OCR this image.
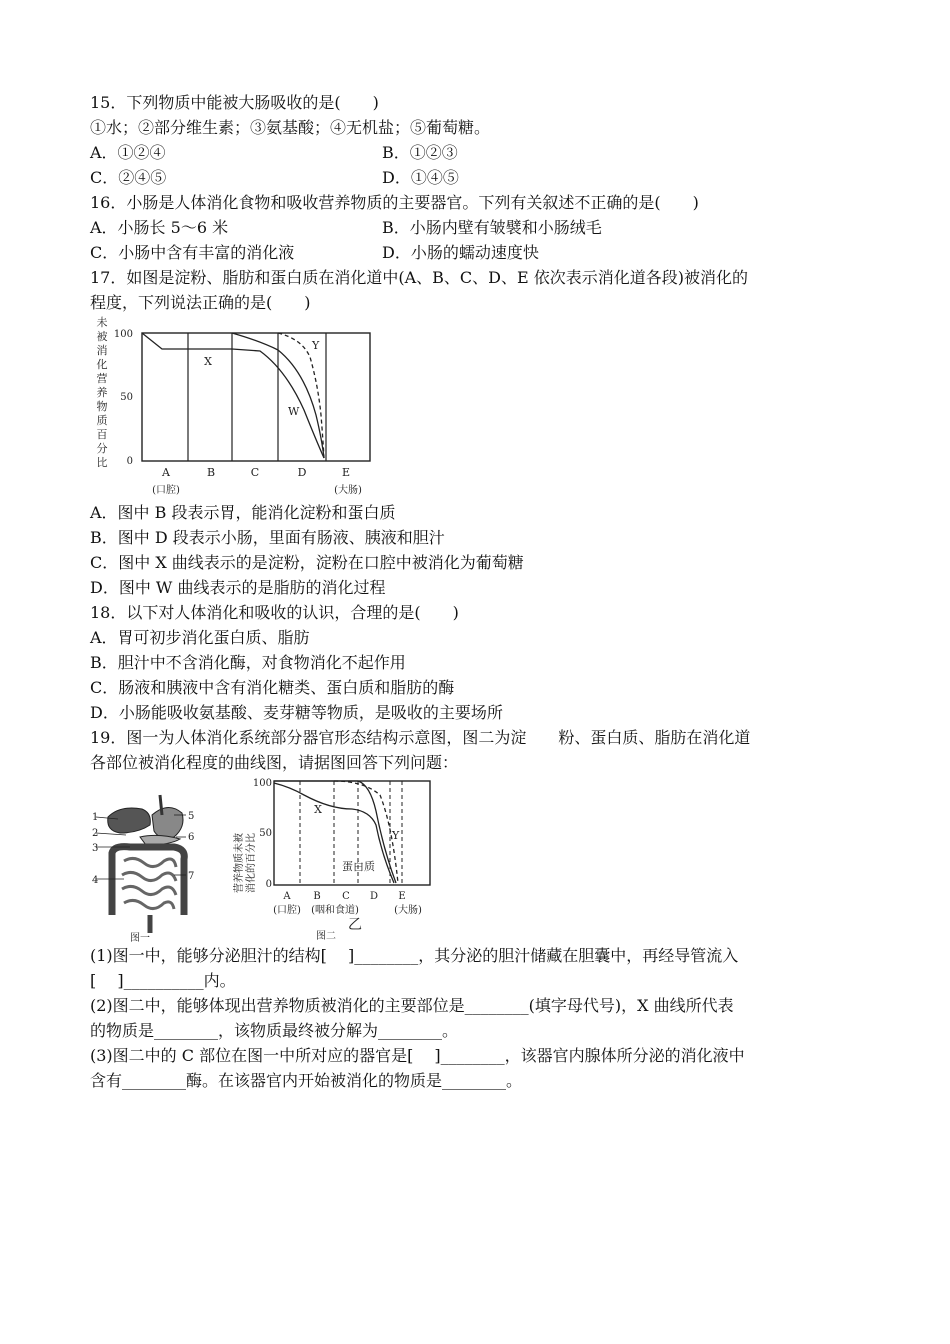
15．下列物质中能被大肠吸收的是(　　)
①水；②部分维生素；③氨基酸；④无机盐；⑤葡萄糖。
A．①②④	B．①②③
C．②④⑤	D．①④⑤
16．小肠是人体消化食物和吸收营养物质的主要器官。下列有关叙述不正确的是(　　)
A．小肠长 5～6 米	B．小肠内壁有皱襞和小肠绒毛
C．小肠中含有丰富的消化液	D．小肠的蠕动速度快
17．如图是淀粉、脂肪和蛋白质在消化道中(A、B、C、D、E 依次表示消化道各段)被消化的
程度，下列说法正确的是(　　)
未
被
消
化
营
养
物
质
百
分
比
100
50
0
X
Y
W
A	B	C	D	E
(口腔)	(大肠)
A．图中 B 段表示胃，能消化淀粉和蛋白质
B．图中 D 段表示小肠，里面有肠液、胰液和胆汁
C．图中 X 曲线表示的是淀粉，淀粉在口腔中被消化为葡萄糖
D．图中 W 曲线表示的是脂肪的消化过程
18．以下对人体消化和吸收的认识，合理的是(　　)
A．胃可初步消化蛋白质、脂肪
B．胆汁中不含消化酶，对食物消化不起作用
C．肠液和胰液中含有消化糖类、蛋白质和脂肪的酶
D．小肠能吸收氨基酸、麦芽糖等物质，是吸收的主要场所
19．图一为人体消化系统部分器官形态结构示意图，图二为淀　　粉、蛋白质、脂肪在消化道
各部位被消化程度的曲线图，请据图回答下列问题：
1
2
3
4
5
6
7
图一
营养物质未被 消化的百分比
100
50
0
X
Y
蛋白质
A B C D E
(口腔) (咽和食道)	(大肠)
乙
图二
(1)图一中，能够分泌胆汁的结构[　 ]________，其分泌的胆汁储藏在胆囊中，再经导管流入
[　 ]__________内。
(2)图二中，能够体现出营养物质被消化的主要部位是________(填字母代号)，X 曲线所代表
的物质是________，该物质最终被分解为________。
(3)图二中的 C 部位在图一中所对应的器官是[　 ]________，该器官内腺体所分泌的消化液中
含有________酶。在该器官内开始被消化的物质是________。
